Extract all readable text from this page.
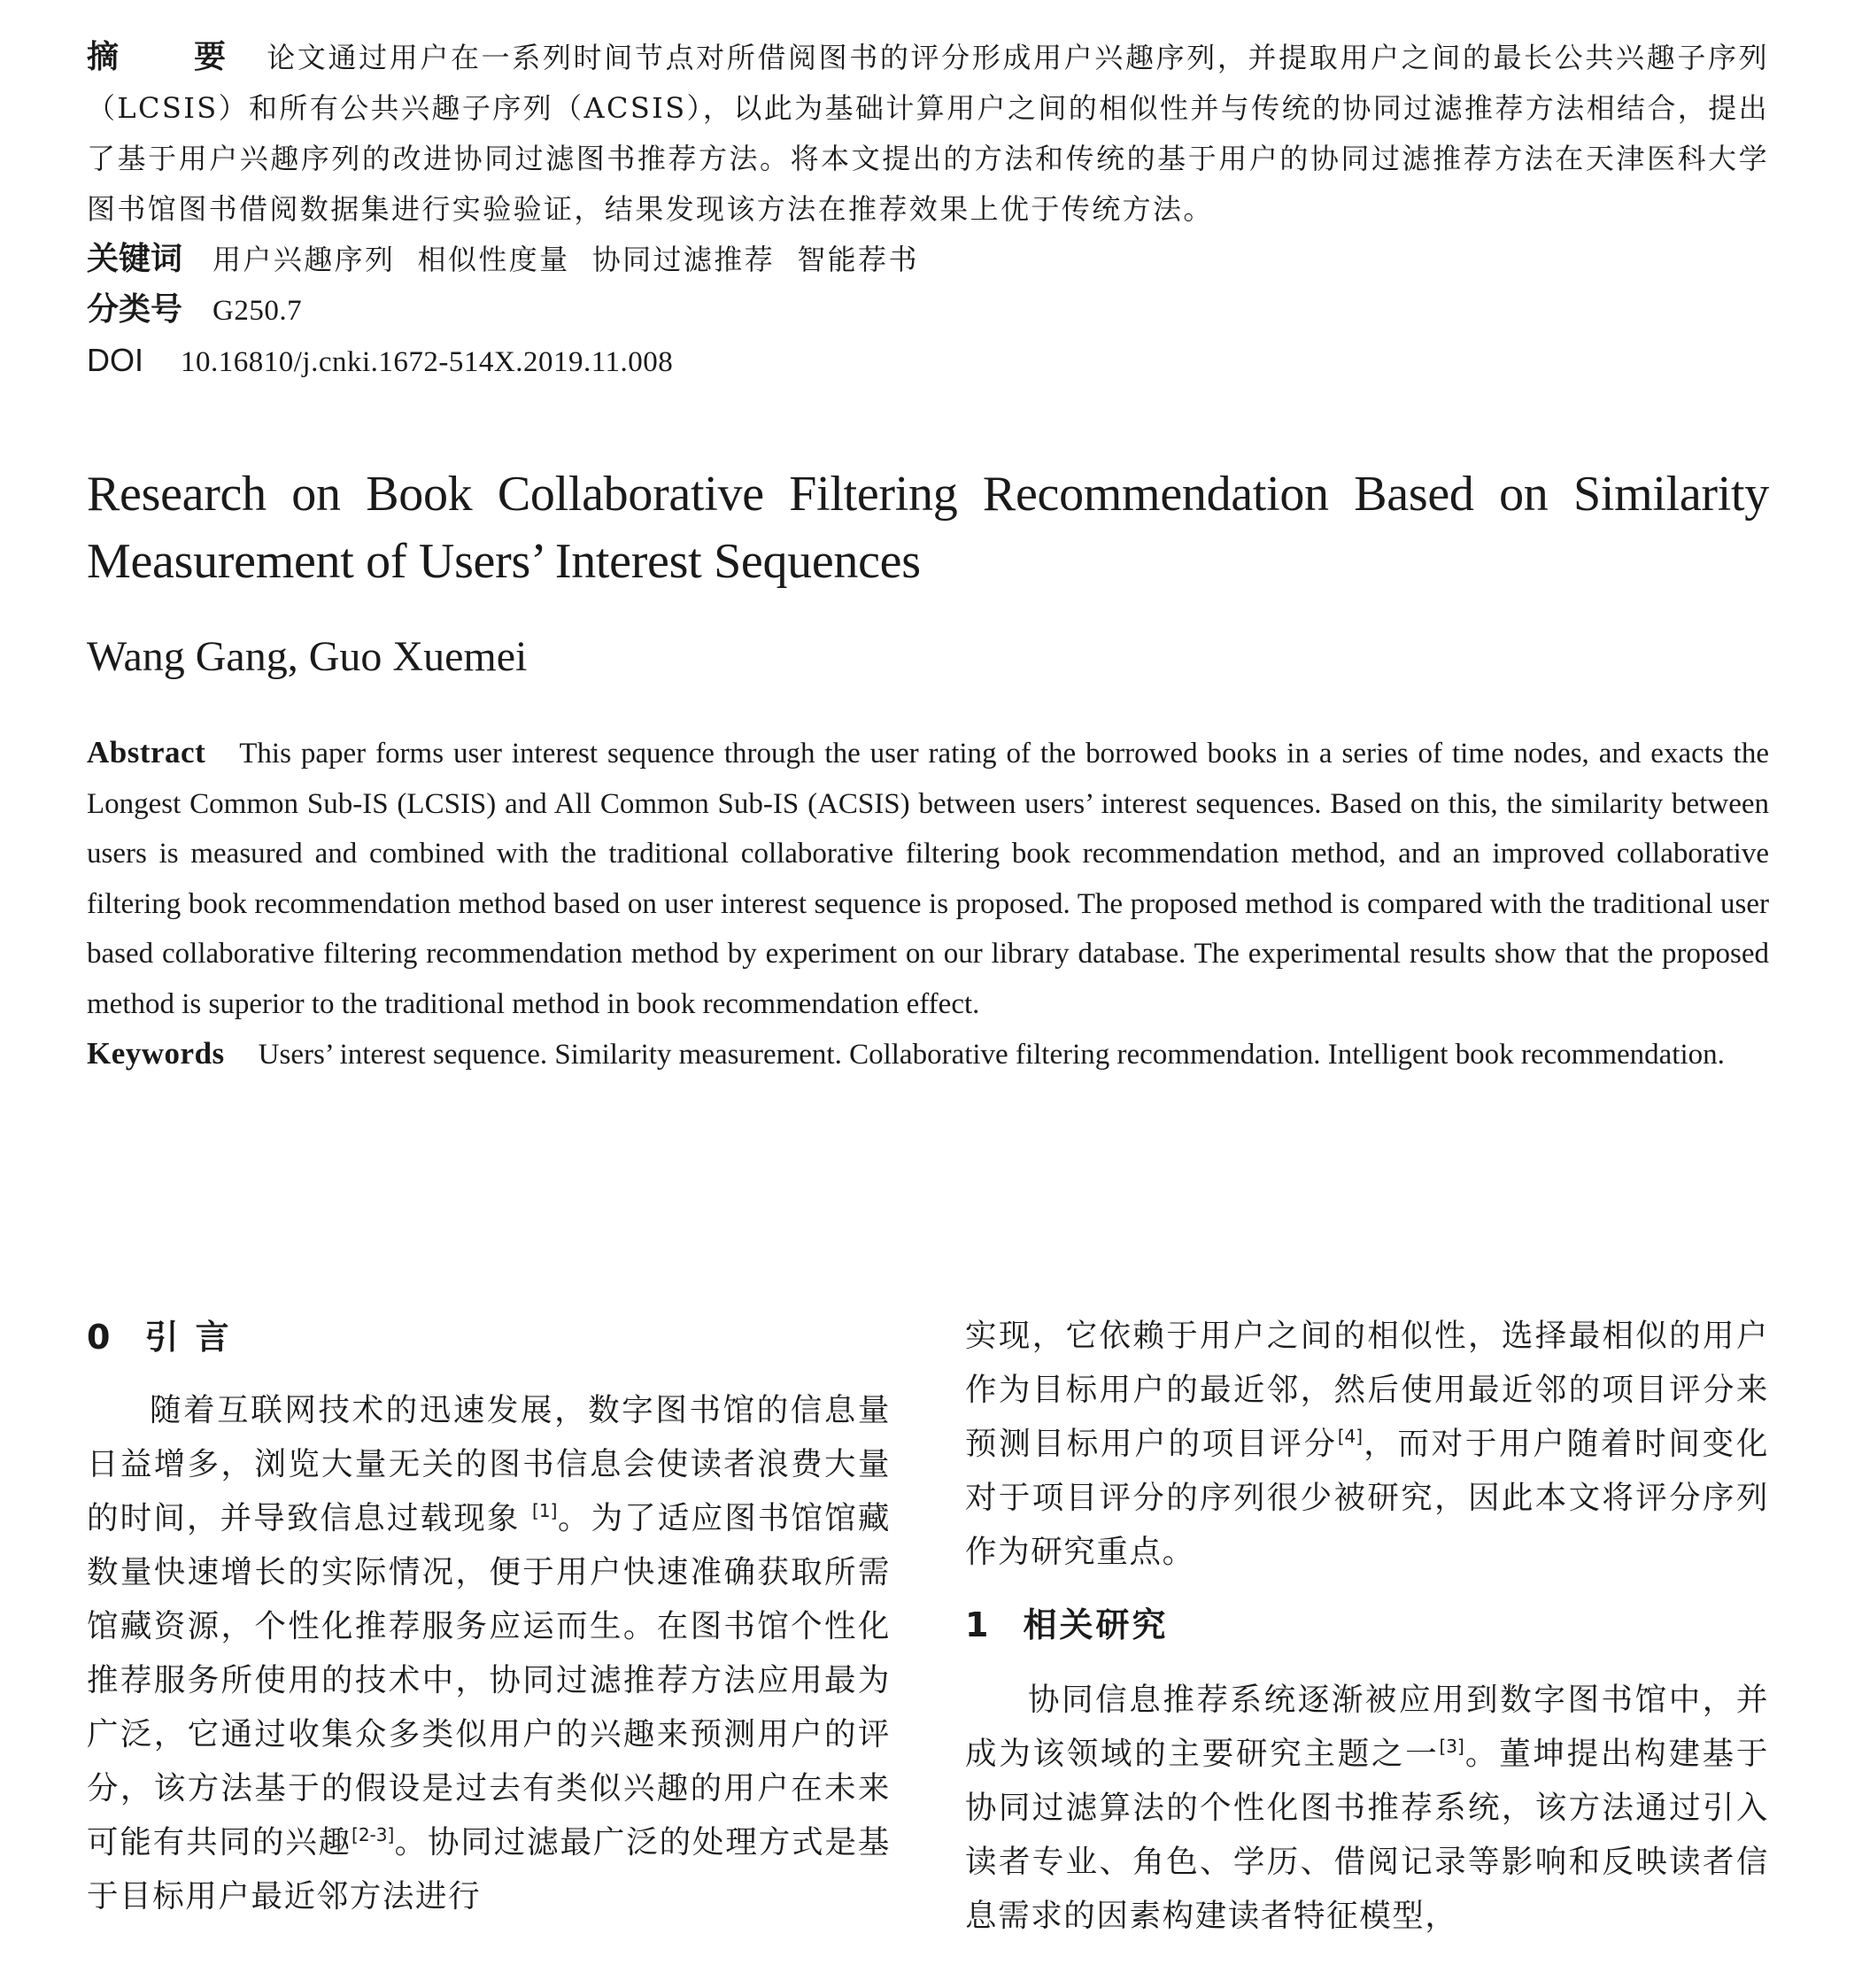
摘 要 论文通过用户在一系列时间节点对所借阅图书的评分形成用户兴趣序列，并提取用户之间的最长公共兴趣子序列（LCSIS）和所有公共兴趣子序列（ACSIS），以此为基础计算用户之间的相似性并与传统的协同过滤推荐方法相结合，提出了基于用户兴趣序列的改进协同过滤图书推荐方法。将本文提出的方法和传统的基于用户的协同过滤推荐方法在天津医科大学图书馆图书借阅数据集进行实验验证，结果发现该方法在推荐效果上优于传统方法。
关键词 用户兴趣序列  相似性度量  协同过滤推荐  智能荐书
分类号 G250.7
DOI 10.16810/j.cnki.1672-514X.2019.11.008
Research on Book Collaborative Filtering Recommendation Based on Similarity Measurement of Users’ Interest Sequences
Wang Gang, Guo Xuemei
Abstract This paper forms user interest sequence through the user rating of the borrowed books in a series of time nodes, and exacts the Longest Common Sub-IS (LCSIS) and All Common Sub-IS (ACSIS) between users’ interest sequences. Based on this, the similarity between users is measured and combined with the traditional collaborative filtering book recommendation method, and an improved collaborative filtering book recommendation method based on user interest sequence is proposed. The proposed method is compared with the traditional user based collaborative filtering recommendation method by experiment on our library database. The experimental results show that the proposed method is superior to the traditional method in book recommendation effect.
Keywords Users’ interest sequence. Similarity measurement. Collaborative filtering recommendation. Intelligent book recommendation.
0 引 言

随着互联网技术的迅速发展，数字图书馆的信息量日益增多，浏览大量无关的图书信息会使读者浪费大量的时间，并导致信息过载现象 [1]。为了适应图书馆馆藏数量快速增长的实际情况，便于用户快速准确获取所需馆藏资源，个性化推荐服务应运而生。在图书馆个性化推荐服务所使用的技术中，协同过滤推荐方法应用最为广泛，它通过收集众多类似用户的兴趣来预测用户的评分，该方法基于的假设是过去有类似兴趣的用户在未来可能有共同的兴趣[2-3]。协同过滤最广泛的处理方式是基于目标用户最近邻方法进行

实现，它依赖于用户之间的相似性，选择最相似的用户作为目标用户的最近邻，然后使用最近邻的项目评分来预测目标用户的项目评分[4]，而对于用户随着时间变化对于项目评分的序列很少被研究，因此本文将评分序列作为研究重点。

1 相关研究

协同信息推荐系统逐渐被应用到数字图书馆中，并成为该领域的主要研究主题之一[3]。董坤提出构建基于协同过滤算法的个性化图书推荐系统，该方法通过引入读者专业、角色、学历、借阅记录等影响和反映读者信息需求的因素构建读者特征模型，
